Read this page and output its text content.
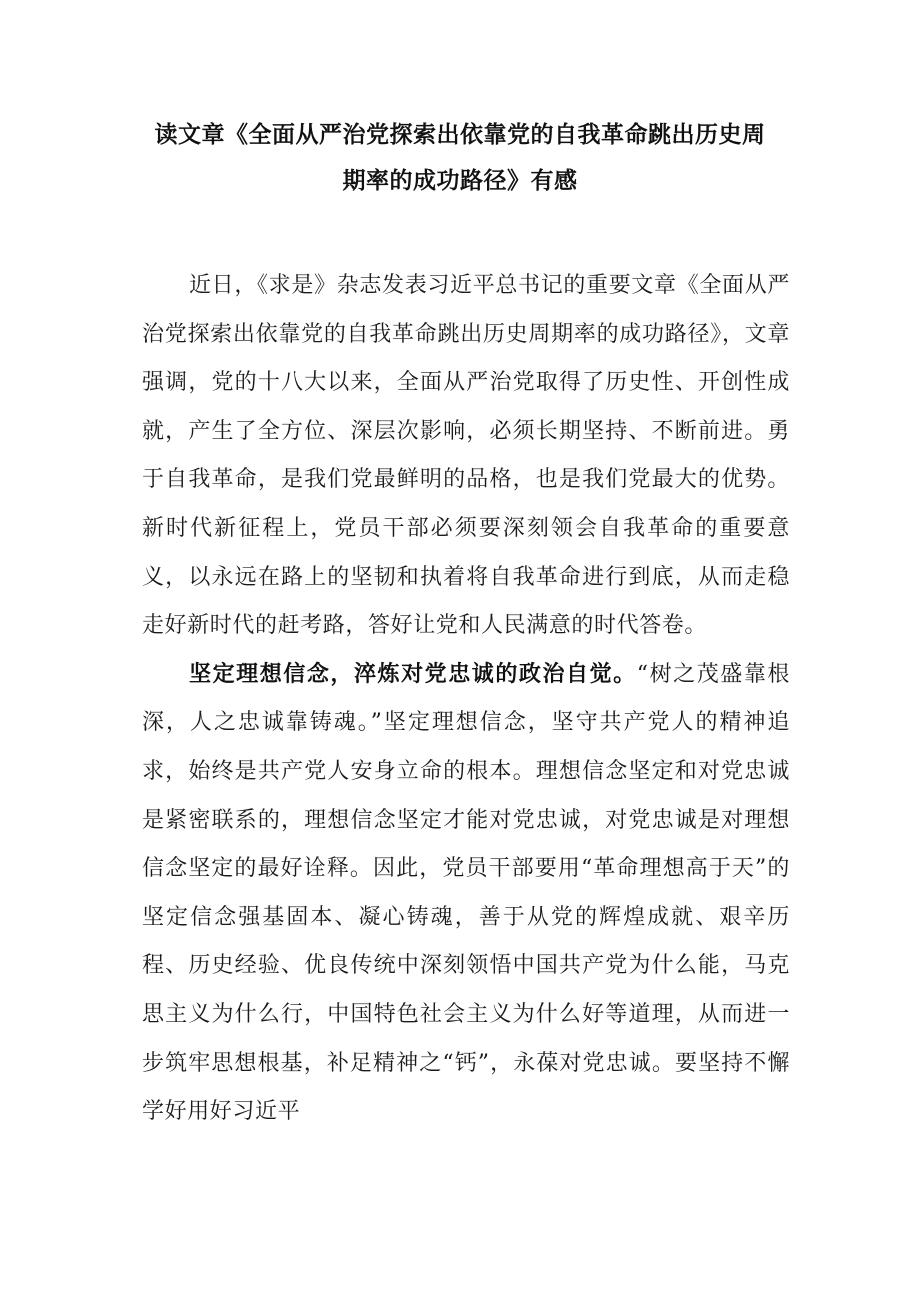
读文章《全面从严治党探索出依靠党的自我革命跳出历史周
期率的成功路径》有感

近日，《求是》杂志发表习近平总书记的重要文章《全面从严治党探索出依靠党的自我革命跳出历史周期率的成功路径》，文章强调，党的十八大以来，全面从严治党取得了历史性、开创性成就，产生了全方位、深层次影响，必须长期坚持、不断前进。勇于自我革命，是我们党最鲜明的品格，也是我们党最大的优势。新时代新征程上，党员干部必须要深刻领会自我革命的重要意义，以永远在路上的坚韧和执着将自我革命进行到底，从而走稳走好新时代的赶考路，答好让党和人民满意的时代答卷。

坚定理想信念，淬炼对党忠诚的政治自觉。“树之茂盛靠根深，人之忠诚靠铸魂。”坚定理想信念，坚守共产党人的精神追求，始终是共产党人安身立命的根本。理想信念坚定和对党忠诚是紧密联系的，理想信念坚定才能对党忠诚，对党忠诚是对理想信念坚定的最好诠释。因此，党员干部要用“革命理想高于天”的坚定信念强基固本、凝心铸魂，善于从党的辉煌成就、艰辛历程、历史经验、优良传统中深刻领悟中国共产党为什么能，马克思主义为什么行，中国特色社会主义为什么好等道理，从而进一步筑牢思想根基，补足精神之“钙”，永葆对党忠诚。要坚持不懈学好用好习近平
